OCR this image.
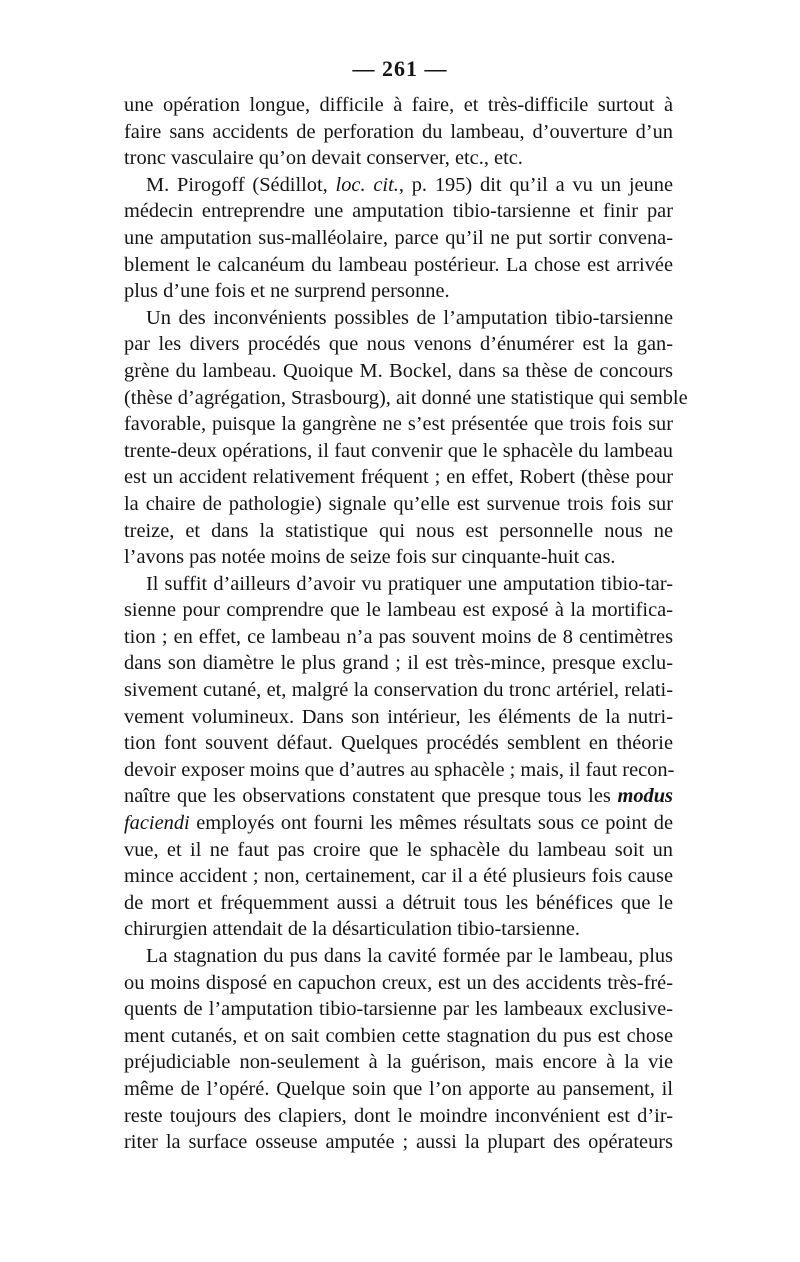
— 261 —
une opération longue, difficile à faire, et très-difficile surtout à
faire sans accidents de perforation du lambeau, d’ouverture d’un
tronc vasculaire qu’on devait conserver, etc., etc.
M. Pirogoff (Sédillot, loc. cit., p. 195) dit qu’il a vu un jeune
médecin entreprendre une amputation tibio-tarsienne et finir par
une amputation sus-malléolaire, parce qu’il ne put sortir convena-
blement le calcanéum du lambeau postérieur. La chose est arrivée
plus d’une fois et ne surprend personne.
Un des inconvénients possibles de l’amputation tibio-tarsienne
par les divers procédés que nous venons d’énumérer est la gan-
grène du lambeau. Quoique M. Bockel, dans sa thèse de concours
(thèse d’agrégation, Strasbourg), ait donné une statistique qui semble
favorable, puisque la gangrène ne s’est présentée que trois fois sur
trente-deux opérations, il faut convenir que le sphacèle du lambeau
est un accident relativement fréquent ; en effet, Robert (thèse pour
la chaire de pathologie) signale qu’elle est survenue trois fois sur
treize, et dans la statistique qui nous est personnelle nous ne
l’avons pas notée moins de seize fois sur cinquante-huit cas.
Il suffit d’ailleurs d’avoir vu pratiquer une amputation tibio-tar-
sienne pour comprendre que le lambeau est exposé à la mortifica-
tion ; en effet, ce lambeau n’a pas souvent moins de 8 centimètres
dans son diamètre le plus grand ; il est très-mince, presque exclu-
sivement cutané, et, malgré la conservation du tronc artériel, relati-
vement volumineux. Dans son intérieur, les éléments de la nutri-
tion font souvent défaut. Quelques procédés semblent en théorie
devoir exposer moins que d’autres au sphacèle ; mais, il faut recon-
naître que les observations constatent que presque tous les modus
faciendi employés ont fourni les mêmes résultats sous ce point de
vue, et il ne faut pas croire que le sphacèle du lambeau soit un
mince accident ; non, certainement, car il a été plusieurs fois cause
de mort et fréquemment aussi a détruit tous les bénéfices que le
chirurgien attendait de la désarticulation tibio-tarsienne.
La stagnation du pus dans la cavité formée par le lambeau, plus
ou moins disposé en capuchon creux, est un des accidents très-fré-
quents de l’amputation tibio-tarsienne par les lambeaux exclusive-
ment cutanés, et on sait combien cette stagnation du pus est chose
préjudiciable non-seulement à la guérison, mais encore à la vie
même de l’opéré. Quelque soin que l’on apporte au pansement, il
reste toujours des clapiers, dont le moindre inconvénient est d’ir-
riter la surface osseuse amputée ; aussi la plupart des opérateurs
